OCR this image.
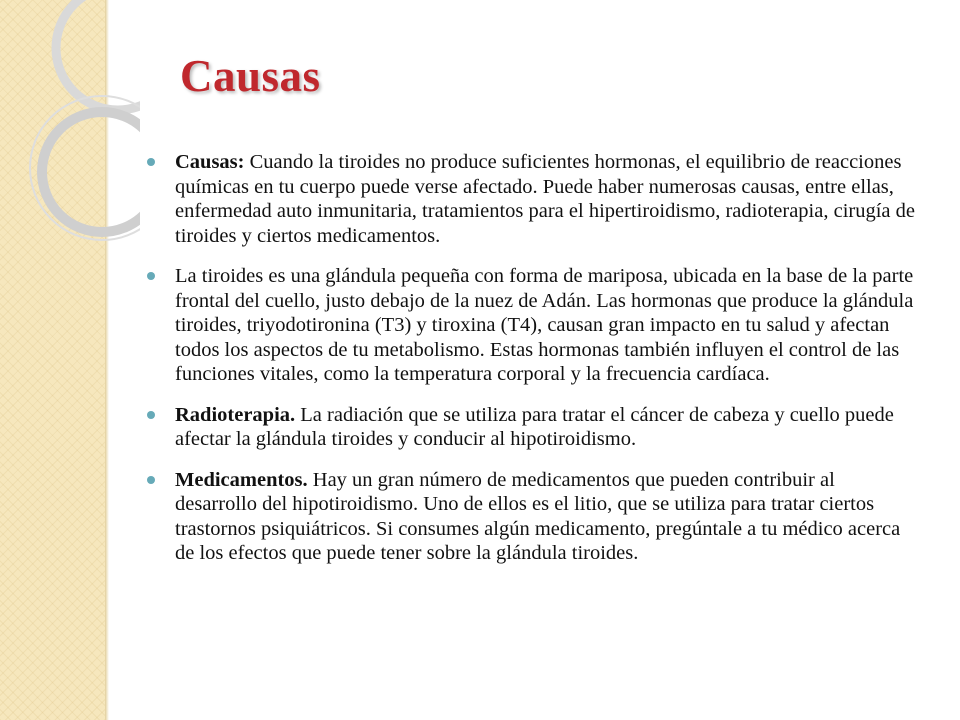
Causas
Causas: Cuando la tiroides no produce suficientes hormonas, el equilibrio de reacciones químicas en tu cuerpo puede verse afectado. Puede haber numerosas causas, entre ellas, enfermedad auto inmunitaria, tratamientos para el hipertiroidismo, radioterapia, cirugía de tiroides y ciertos medicamentos.
La tiroides es una glándula pequeña con forma de mariposa, ubicada en la base de la parte frontal del cuello, justo debajo de la nuez de Adán. Las hormonas que produce la glándula tiroides, triyodotironina (T3) y tiroxina (T4), causan gran impacto en tu salud y afectan todos los aspectos de tu metabolismo. Estas hormonas también influyen el control de las funciones vitales, como la temperatura corporal y la frecuencia cardíaca.
Radioterapia. La radiación que se utiliza para tratar el cáncer de cabeza y cuello puede afectar la glándula tiroides y conducir al hipotiroidismo.
Medicamentos. Hay un gran número de medicamentos que pueden contribuir al desarrollo del hipotiroidismo. Uno de ellos es el litio, que se utiliza para tratar ciertos trastornos psiquiátricos. Si consumes algún medicamento, pregúntale a tu médico acerca de los efectos que puede tener sobre la glándula tiroides.
